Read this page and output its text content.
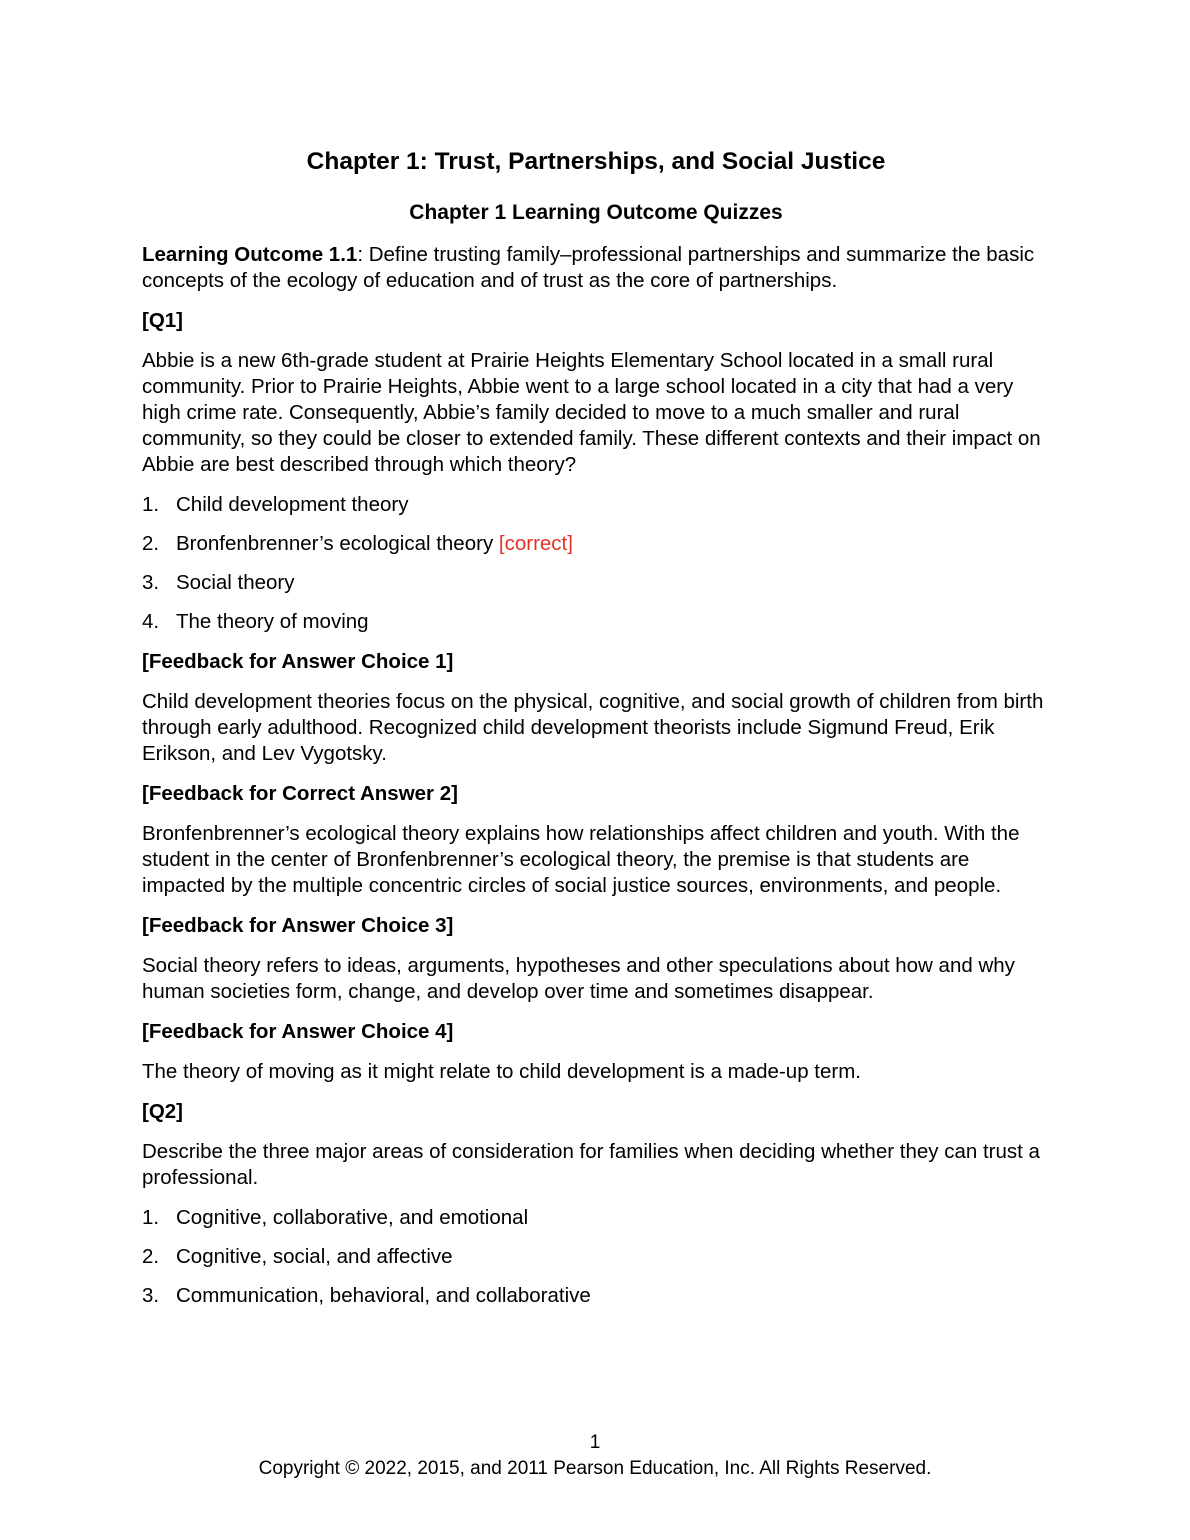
Chapter 1: Trust, Partnerships, and Social Justice
Chapter 1 Learning Outcome Quizzes

Learning Outcome 1.1: Define trusting family–professional partnerships and summarize the basic concepts of the ecology of education and of trust as the core of partnerships.

[Q1]

Abbie is a new 6th-grade student at Prairie Heights Elementary School located in a small rural community. Prior to Prairie Heights, Abbie went to a large school located in a city that had a very high crime rate. Consequently, Abbie’s family decided to move to a much smaller and rural community, so they could be closer to extended family. These different contexts and their impact on Abbie are best described through which theory?

1. Child development theory
2. Bronfenbrenner’s ecological theory [correct]
3. Social theory
4. The theory of moving
[Feedback for Answer Choice 1]

Child development theories focus on the physical, cognitive, and social growth of children from birth through early adulthood. Recognized child development theorists include Sigmund Freud, Erik Erikson, and Lev Vygotsky.

[Feedback for Correct Answer 2]

Bronfenbrenner’s ecological theory explains how relationships affect children and youth. With the student in the center of Bronfenbrenner’s ecological theory, the premise is that students are impacted by the multiple concentric circles of social justice sources, environments, and people.

[Feedback for Answer Choice 3]

Social theory refers to ideas, arguments, hypotheses and other speculations about how and why human societies form, change, and develop over time and sometimes disappear.

[Feedback for Answer Choice 4]

The theory of moving as it might relate to child development is a made-up term.

[Q2]

Describe the three major areas of consideration for families when deciding whether they can trust a professional.

1. Cognitive, collaborative, and emotional
2. Cognitive, social, and affective
3. Communication, behavioral, and collaborative
1
Copyright © 2022, 2015, and 2011 Pearson Education, Inc. All Rights Reserved.
